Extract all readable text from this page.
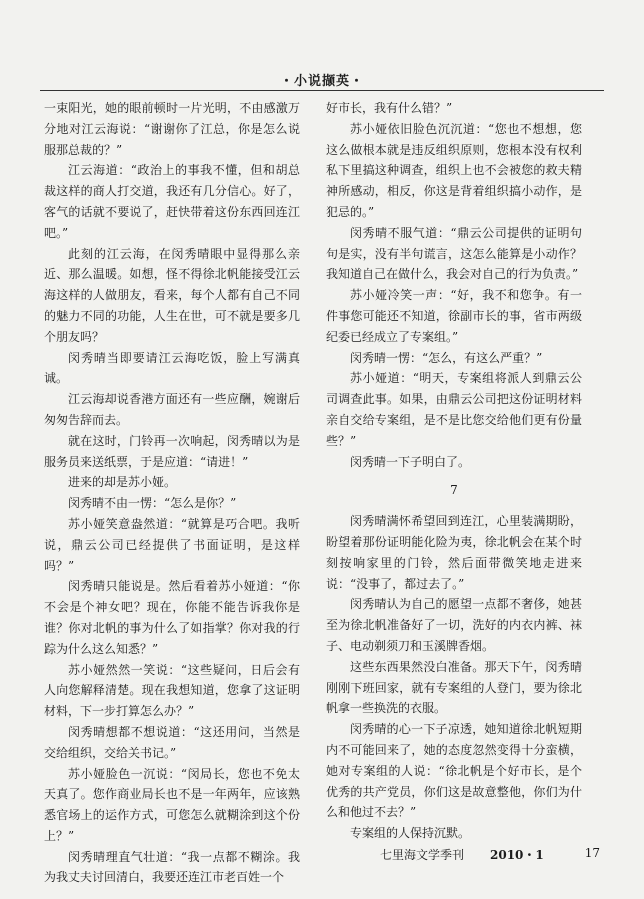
・小说撷英・

一束阳光，她的眼前顿时一片光明，不由感激万分地对江云海说：“谢谢你了江总，你是怎么说服那总裁的？”

江云海道：“政治上的事我不懂，但和胡总裁这样的商人打交道，我还有几分信心。好了，客气的话就不要说了，赶快带着这份东西回连江吧。”

此刻的江云海，在闵秀晴眼中显得那么亲近、那么温暖。如想，怪不得徐北帆能接受江云海这样的人做朋友，看来，每个人都有自己不同的魅力不同的功能，人生在世，可不就是要多几个朋友吗？

闵秀晴当即要请江云海吃饭，脸上写满真诚。

江云海却说香港方面还有一些应酬，婉谢后匆匆告辞而去。

就在这时，门铃再一次响起，闵秀晴以为是服务员来送纸票，于是应道：“请进！”

进来的却是苏小娅。

闵秀晴不由一愣：“怎么是你？”

苏小娅笑意盎然道：“就算是巧合吧。我听说，鼎云公司已经提供了书面证明，是这样吗？”

闵秀晴只能说是。然后看着苏小娅道：“你不会是个神女吧？现在，你能不能告诉我你是谁？你对北帆的事为什么了如指掌？你对我的行踪为什么这么知悉？”

苏小娅然然一笑说：“这些疑问，日后会有人向您解释清楚。现在我想知道，您拿了这证明材料，下一步打算怎么办？”

闵秀晴想都不想说道：“这还用问，当然是交给组织，交给关书记。”

苏小娅脸色一沉说：“闵局长，您也不免太天真了。您作商业局长也不是一年两年，应该熟悉官场上的运作方式，可您怎么就糊涂到这个份上？”

闵秀晴理直气壮道：“我一点都不糊涂。我为我丈夫讨回清白，我要还连江市老百姓一个

好市长，我有什么错？”

苏小娅依旧脸色沉沉道：“您也不想想，您这么做根本就是违反组织原则，您根本没有权利私下里搞这种调查，组织上也不会被您的救夫精神所感动，相反，你这是背着组织搞小动作，是犯忌的。”

闵秀晴不服气道：“鼎云公司提供的证明句句是实，没有半句谎言，这怎么能算是小动作？我知道自己在做什么，我会对自己的行为负责。”

苏小娅冷笑一声：“好，我不和您争。有一件事您可能还不知道，徐副市长的事，省市两级纪委已经成立了专案组。”

闵秀晴一愣：“怎么，有这么严重？”

苏小娅道：“明天，专案组将派人到鼎云公司调查此事。如果，由鼎云公司把这份证明材料亲自交给专案组，是不是比您交给他们更有份量些？”

闵秀晴一下子明白了。

7

闵秀晴满怀希望回到连江，心里装满期盼，盼望着那份证明能化险为夷，徐北帆会在某个时刻按响家里的门铃，然后面带微笑地走进来说：“没事了，都过去了。”

闵秀晴认为自己的愿望一点都不奢侈，她甚至为徐北帆准备好了一切，洗好的内衣内裤、袜子、电动剃须刀和玉溪牌香烟。

这些东西果然没白准备。那天下午，闵秀晴刚刚下班回家，就有专案组的人登门，要为徐北帆拿一些换洗的衣服。

闵秀晴的心一下子凉透，她知道徐北帆短期内不可能回来了，她的态度忽然变得十分蛮横，她对专案组的人说：“徐北帆是个好市长，是个优秀的共产党员，你们这是故意整他，你们为什么和他过不去？”

专案组的人保持沉默。

七里海文学季刊 2010・1	17
